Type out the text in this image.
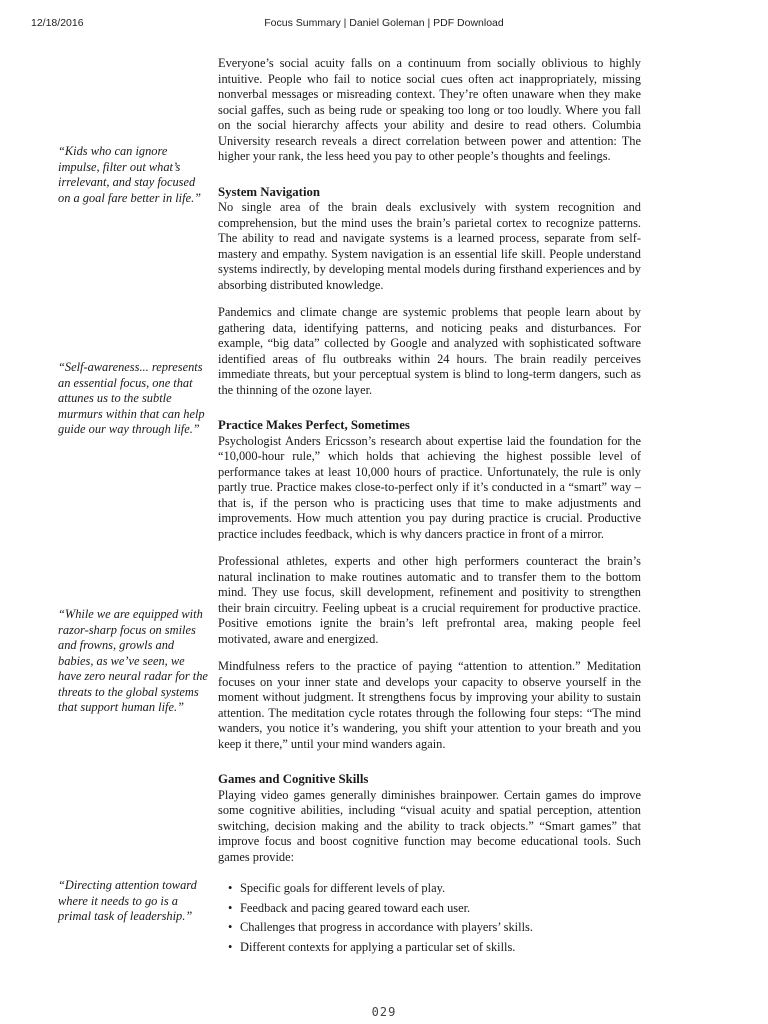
12/18/2016	Focus Summary | Daniel Goleman | PDF Download
“Kids who can ignore impulse, filter out what’s irrelevant, and stay focused on a goal fare better in life.”
“Self-awareness... represents an essential focus, one that attunes us to the subtle murmurs within that can help guide our way through life.”
“While we are equipped with razor-sharp focus on smiles and frowns, growls and babies, as we’ve seen, we have zero neural radar for the threats to the global systems that support human life.”
“Directing attention toward where it needs to go is a primal task of leadership.”

Everyone’s social acuity falls on a continuum from socially oblivious to highly intuitive. People who fail to notice social cues often act inappropriately, missing nonverbal messages or misreading context. They’re often unaware when they make social gaffes, such as being rude or speaking too long or too loudly. Where you fall on the social hierarchy affects your ability and desire to read others. Columbia University research reveals a direct correlation between power and attention: The higher your rank, the less heed you pay to other people’s thoughts and feelings.

System Navigation

No single area of the brain deals exclusively with system recognition and comprehension, but the mind uses the brain’s parietal cortex to recognize patterns. The ability to read and navigate systems is a learned process, separate from self-mastery and empathy. System navigation is an essential life skill. People understand systems indirectly, by developing mental models during firsthand experiences and by absorbing distributed knowledge.

Pandemics and climate change are systemic problems that people learn about by gathering data, identifying patterns, and noticing peaks and disturbances. For example, “big data” collected by Google and analyzed with sophisticated software identified areas of flu outbreaks within 24 hours. The brain readily perceives immediate threats, but your perceptual system is blind to long-term dangers, such as the thinning of the ozone layer.

Practice Makes Perfect, Sometimes

Psychologist Anders Ericsson’s research about expertise laid the foundation for the “10,000-hour rule,” which holds that achieving the highest possible level of performance takes at least 10,000 hours of practice. Unfortunately, the rule is only partly true. Practice makes close-to-perfect only if it’s conducted in a “smart” way – that is, if the person who is practicing uses that time to make adjustments and improvements. How much attention you pay during practice is crucial. Productive practice includes feedback, which is why dancers practice in front of a mirror.

Professional athletes, experts and other high performers counteract the brain’s natural inclination to make routines automatic and to transfer them to the bottom mind. They use focus, skill development, refinement and positivity to strengthen their brain circuitry. Feeling upbeat is a crucial requirement for productive practice. Positive emotions ignite the brain’s left prefrontal area, making people feel motivated, aware and energized.

Mindfulness refers to the practice of paying “attention to attention.” Meditation focuses on your inner state and develops your capacity to observe yourself in the moment without judgment. It strengthens focus by improving your ability to sustain attention. The meditation cycle rotates through the following four steps: “The mind wanders, you notice it’s wandering, you shift your attention to your breath and you keep it there,” until your mind wanders again.

Games and Cognitive Skills

Playing video games generally diminishes brainpower. Certain games do improve some cognitive abilities, including “visual acuity and spatial perception, attention switching, decision making and the ability to track objects.” “Smart games” that improve focus and boost cognitive function may become educational tools. Such games provide:

• Specific goals for different levels of play.
• Feedback and pacing geared toward each user.
• Challenges that progress in accordance with players’ skills.
• Different contexts for applying a particular set of skills.
029
